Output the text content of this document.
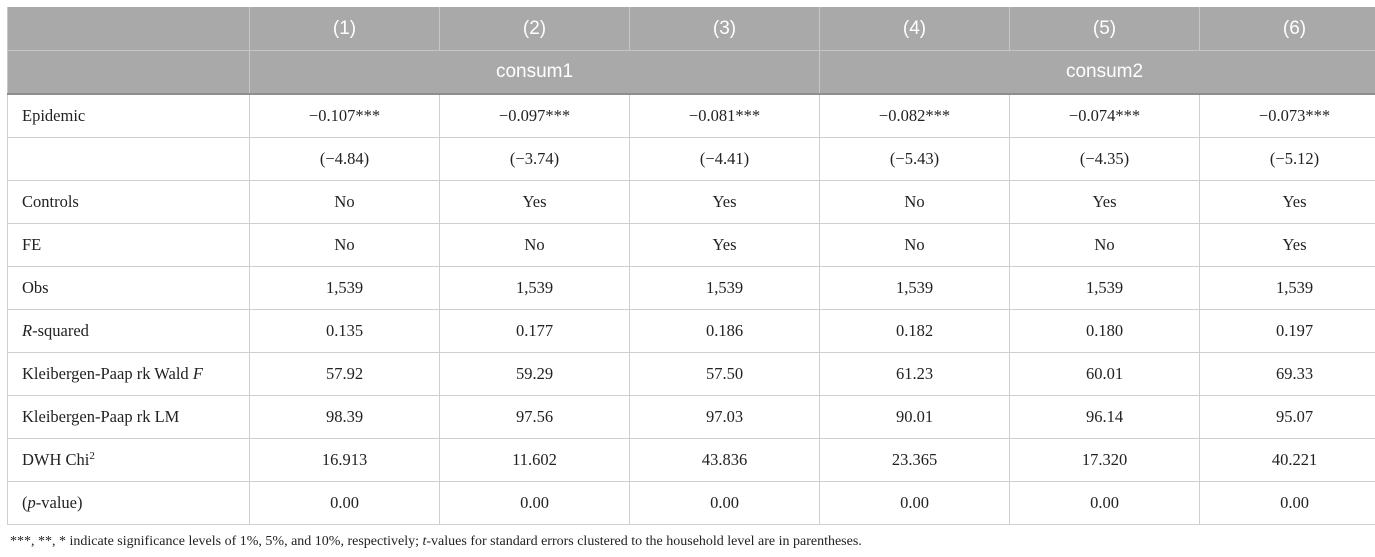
	(1)	(2)	(3)	(4)	(5)	(6)
	consum1			consum2		
Epidemic	−0.107***	−0.097***	−0.081***	−0.082***	−0.074***	−0.073***
	(−4.84)	(−3.74)	(−4.41)	(−5.43)	(−4.35)	(−5.12)
Controls	No	Yes	Yes	No	Yes	Yes
FE	No	No	Yes	No	No	Yes
Obs	1,539	1,539	1,539	1,539	1,539	1,539
R-squared	0.135	0.177	0.186	0.182	0.180	0.197
Kleibergen-Paap rk Wald F	57.92	59.29	57.50	61.23	60.01	69.33
Kleibergen-Paap rk LM	98.39	97.56	97.03	90.01	96.14	95.07
DWH Chi$^2$	16.913	11.602	43.836	23.365	17.320	40.221
(p-value)	0.00	0.00	0.00	0.00	0.00	0.00
***, **, * indicate significance levels of 1%, 5%, and 10%, respectively; t-values for standard errors clustered to the household level are in parentheses.
